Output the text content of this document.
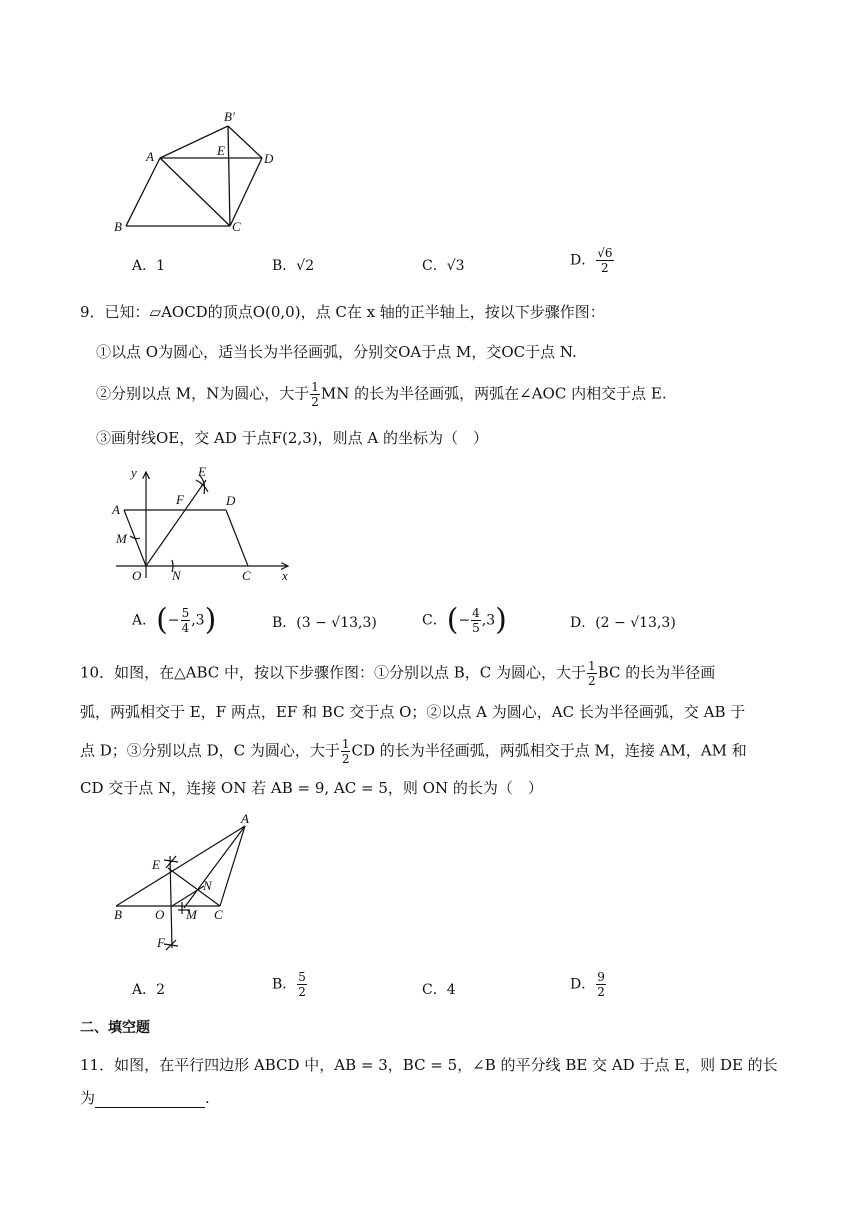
B′
A	E
D
B	C
A．1	B．√2	C．√3	D． $\frac{√6}{2}$
9．已知：▱AOCD的顶点O(0,0)，点 C在 x 轴的正半轴上，按以下步骤作图：
①以点 O为圆心，适当长为半径画弧，分别交OA于点 M，交OC于点 N.
②分别以点 M，N为圆心，大于 $\frac{1}{2}$ MN 的长为半径画弧，两弧在∠AOC 内相交于点 E.
③画射线OE，交 AD 于点F(2,3)，则点 A 的坐标为（　）
y
x
E
F	D
A
M
O N	C
A．(− $\frac{5}{4} ,3$)	B．(3 − √13,3)	C．(− $\frac{4}{5} ,3$)	D．(2 − √13,3)
10．如图，在△ABC 中，按以下步骤作图：①分别以点 B，C 为圆心，大于 $\frac{1}{2}$ BC 的长为半径画
弧，两弧相交于 E，F 两点，EF 和 BC 交于点 O；②以点 A 为圆心，AC 长为半径画弧，交 AB 于
点 D；③分别以点 D，C 为圆心，大于 $\frac{1}{2}$ CD 的长为半径画弧，两弧相交于点 M，连接 AM，AM 和
CD 交于点 N，连接 ON 若 AB = 9, AC = 5，则 ON 的长为（　）
A
E
N
B	O M C
F
A．2	B． $\frac{5}{2}$	C．4	D． $\frac{9}{2}$
二、填空题
11．如图，在平行四边形 ABCD 中，AB = 3，BC = 5，∠B 的平分线 BE 交 AD 于点 E，则 DE 的长
为	.
